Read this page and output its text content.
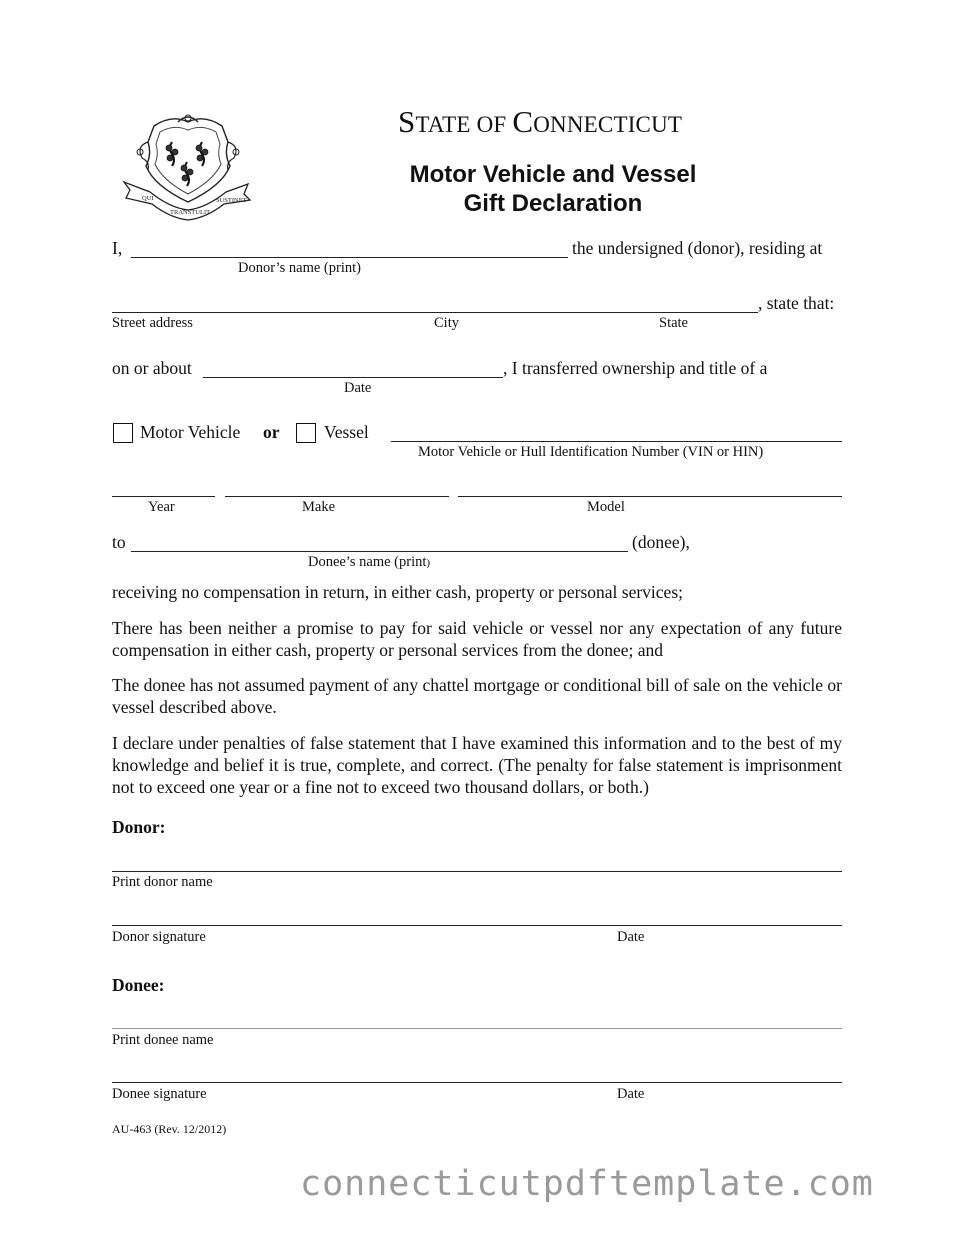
QUI
TRANSTULIT
SUSTINET
STATE OF CONNECTICUT
Motor Vehicle and Vessel
Gift Declaration
I,	the undersigned (donor), residing at
Donor’s name (print)
, state that:
Street address	City	State
on or about	, I transferred ownership and title of a
Date
Motor Vehicle or	Vessel
Motor Vehicle or Hull Identification Number (VIN or HIN)
Year	Make	Model
to	(donee),
Donee’s name (print)
receiving no compensation in return, in either cash, property or personal services;
There has been neither a promise to pay for said vehicle or vessel nor any expectation of any future compensation in either cash, property or personal services from the donee; and
The donee has not assumed payment of any chattel mortgage or conditional bill of sale on the vehicle or vessel described above.
I declare under penalties of false statement that I have examined this information and to the best of my knowledge and belief it is true, complete, and correct. (The penalty for false statement is imprisonment not to exceed one year or a fine not to exceed two thousand dollars, or both.)
Donor:
Print donor name
Donor signature	Date
Donee:
Print donee name
Donee signature	Date
AU-463 (Rev. 12/2012)
connecticutpdftemplate.com
